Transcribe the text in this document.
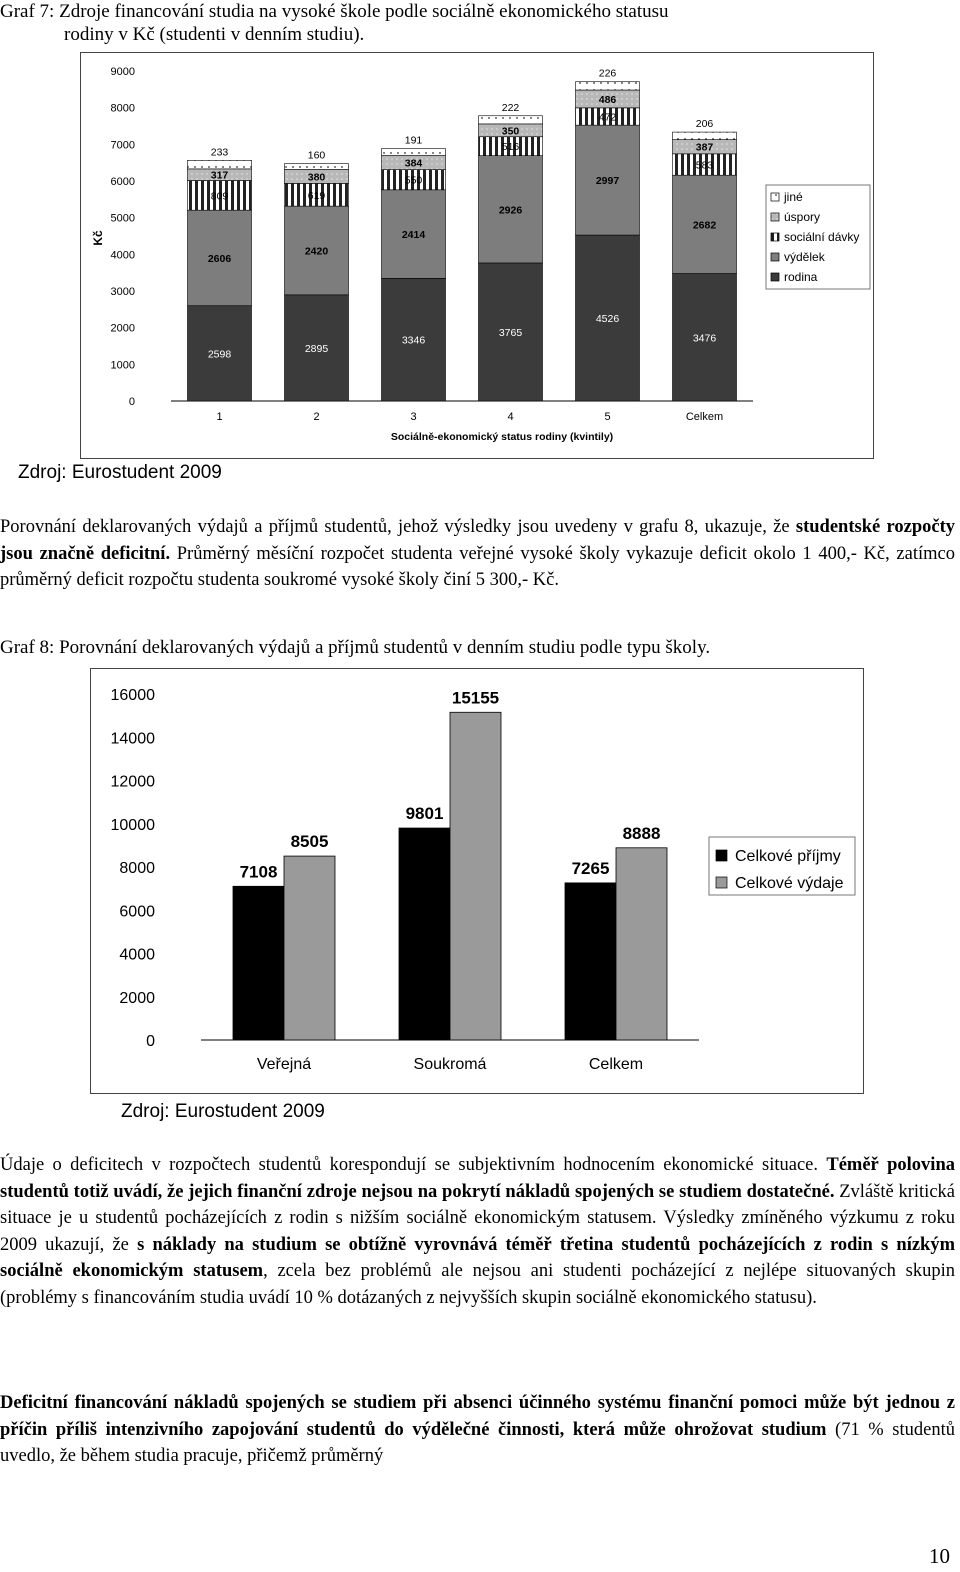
Graf 7: Zdroje financování studia na vysoké škole podle sociálně ekonomického statusu
rodiny v Kč (studenti v denním studiu).
0
1000
2000
3000
4000
5000
6000
7000
8000
9000
Kč
2598
2606
809
317
233
1
2895
2420
619
380
160
2
3346
2414
550
384
191
3
3765
2926
516
350
222
4
4526
2997
472
486
226
5
3476
2682
583
387
206
Celkem
Sociálně-ekonomický status rodiny (kvintily)
jiné
úspory
sociální dávky
výdělek
rodina
Zdroj: Eurostudent 2009

Porovnání deklarovaných výdajů a příjmů studentů, jehož výsledky jsou uvedeny v grafu 8, ukazuje, že studentské rozpočty jsou značně deficitní. Průměrný měsíční rozpočet studenta veřejné vysoké školy vykazuje deficit okolo 1 400,- Kč, zatímco průměrný deficit rozpočtu studenta soukromé vysoké školy činí 5 300,- Kč.

Graf 8: Porovnání deklarovaných výdajů a příjmů studentů v denním studiu podle typu školy.
0
2000
4000
6000
8000
10000
12000
14000
16000
7108
8505
Veřejná
9801
15155
Soukromá
7265
8888
Celkem
Celkové příjmy
Celkové výdaje
Zdroj: Eurostudent 2009

Údaje o deficitech v rozpočtech studentů korespondují se subjektivním hodnocením ekonomické situace. Téměř polovina studentů totiž uvádí, že jejich finanční zdroje nejsou na pokrytí nákladů spojených se studiem dostatečné. Zvláště kritická situace je u studentů pocházejících z rodin s nižším sociálně ekonomickým statusem. Výsledky zmíněného výzkumu z roku 2009 ukazují, že s náklady na studium se obtížně vyrovnává téměř třetina studentů pocházejících z rodin s nízkým sociálně ekonomickým statusem, zcela bez problémů ale nejsou ani studenti pocházející z nejlépe situovaných skupin (problémy s financováním studia uvádí 10 % dotázaných z nejvyšších skupin sociálně ekonomického statusu).

Deficitní financování nákladů spojených se studiem při absenci účinného systému finanční pomoci může být jednou z příčin příliš intenzivního zapojování studentů do výdělečné činnosti, která může ohrožovat studium (71 % studentů uvedlo, že během studia pracuje, přičemž průměrný

10
